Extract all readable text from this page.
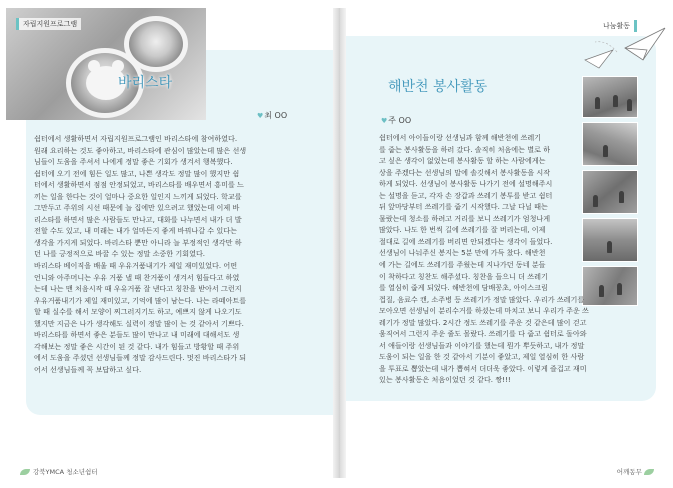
자립지원프로그램
바리스타
♥최 OO

쉼터에서 생활하면서 자립지원프로그램인 바리스타에 참여하였다.

원래 요리하는 것도 좋아하고, 바리스타에 관심이 많았는데 많은 선생

님들이 도움을 주셔서 나에게 정말 좋은 기회가 생겨서 행복했다.

쉼터에 오기 전에 힘든 일도 많고, 나쁜 생각도 정말 많이 했지만 쉼

터에서 생활하면서 점점 안정되었고, 바리스타를 배우면서 흥미를 느

끼는 일을 한다는 것이 얼마나 중요한 일인지 느끼게 되었다. 학교를

그만두고 주위의 시선 때문에 늘 집에만 있으려고 했었는데 이제 바

리스타를 하면서 많은 사람들도 만나고, 대화를 나누면서 내가 더 발

전할 수도 있고, 내 미래는 내가 얼마든지 좋게 바꿔나갈 수 있다는

생각을 가지게 되었다. 바리스타 뿐만 아니라 늘 부정적인 생각만 하

던 나를 긍정적으로 바꿀 수 있는 정말 소중한 기회였다.

바리스타 베이직을 배울 때 우유거품내기가 제일 재미있었다. 어떤

언니와 아주머니는 우유 거품 낼 때 찬거품이 생겨서 힘들다고 하였

는데 나는 맨 처음시작 때 우유거품 잘 낸다고 칭찬을 받아서 그런지

우유거품내기가 제일 재미있고, 기억에 많이 남는다. 나는 라떼아트를

할 때 실수를 해서 모양이 찌그러지기도 하고, 예쁘지 않게 나오기도

했지만 지금은 나가 생각해도 실력이 정말 많이 는 것 같아서 기쁘다.

바리스타를 하면서 좋은 분들도 많이 만나고 내 미래에 대해서도 생

각해보는 정말 좋은 시간이 된 것 같다. 내가 힘들고 방황할 때 주위

에서 도움을 주셨던 선생님들께 정말 감사드린다. 멋진 바리스타가 되

어서 선생님들께 꼭 보답하고 싶다.

강북YMCA 청소년쉼터
나눔활동
해반천 봉사활동
♥주 OO

쉼터에서 아이들이랑 선생님과 함께 해반천에 쓰레기

를 줍는 봉사활동을 하러 갔다. 솔직히 처음에는 별로 하

고 싶은 생각이 없었는데 봉사활동 할 하는 사람에게는

상을 주겠다는 선생님의 말에 솔깃해서 봉사활동을 시작

하게 되었다. 선생님이 봉사활동 나가기 전에 설명해주시

는 설명을 듣고, 각자 손 장갑과 쓰레기 봉투를 받고 쉼터

뒤 앞마당부터 쓰레기를 줍기 시작했다. 그날 다닐 때는

물랐는데 청소를 하려고 거리를 보니 쓰레기가 엄청나게

많았다. 나도 한 번씩 길에 쓰레기를 잘 버리는데, 이제

절대로 길에 쓰레기를 버리면 안되겠다는 생각이 들었다.

선생님이 나눠주신 봉지는 5분 만에 가득 찼다. 해반천

에 가는 길에도 쓰레기를 주웠는데 지나가던 동네 분들

이 착하다고 칭찬도 해주셨다. 칭찬을 들으니 더 쓰레기

를 열심히 줍게 되었다. 해반천에 담배꽁초, 아이스크림

껍질, 음료수 캔, 소주병 등 쓰레기가 정말 많았다. 우리가 쓰레기를

모아오면 선생님이 분리수거를 하셨는데 마치고 보니 우리가 주운 쓰

레기가 정말 많았다. 2시간 정도 쓰레기를 주운 것 같은데 많이 걷고

움직여서 그런지 주운 줄도 몰랐다. 쓰레기를 다 줍고 쉼터로 돌아와

서 애들이랑 선생님들과 이야기를 했는데 뭔가 뿌듯하고, 내가 정말

도움이 되는 일을 한 것 같아서 기분이 좋았고, 제일 열심히 한 사람

을 투표로 뽑았는데 내가 뽑혀서 더더욱 좋았다. 이렇게 즐겁고 재미

있는 봉사활동은 처음이었던 것 같다. 짱!!!

어깨동무
